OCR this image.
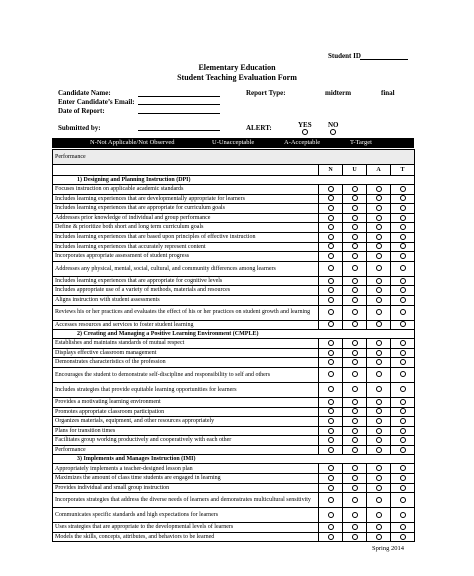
Student ID
Elementary Education
Student Teaching Evaluation Form
Candidate Name:
Enter Candidate’s Email:
Date of Report:
Report Type:	midterm	final
Submitted by:	ALERT:	YES NO
N-Not Applicable/Not Observed	U-Unacceptable	A-Acceptable	T-Target
Performance				
	N	U	A	T
1) Designing and Planning Instruction (DPI)				
Focuses instruction on applicable academic standards				
Includes learning experiences that are developmentally appropriate for learners				
Includes learning experiences that are appropriate for curriculum goals				
Addresses prior knowledge of individual and group performance				
Define & prioritize both short and long term curriculum goals				
Includes learning experiences that are based upon principles of effective instruction				
Includes learning experiences that accurately represent content				
Incorporates appropriate assessment of student progress				
Addresses any physical, mental, social, cultural, and community differences among learners				
Includes learning experiences that are appropriate for cognitive levels				
Includes appropriate use of a variety of methods, materials and resources				
Aligns instruction with student assessments				
Reviews his or her practices and evaluates the effect of his or her practices on student growth and learning				
Accesses resources and services to foster student learning				
2) Creating and Managing a Positive Learning Environment (CMPLE)				
Establishes and maintains standards of mutual respect				
Displays effective classroom management				
Demonstrates characteristics of the profession				
Encourages the student to demonstrate self-discipline and responsibility to self and others				
Includes strategies that provide equitable learning opportunities for learners				
Provides a motivating learning environment				
Promotes appropriate classroom participation				
Organizes materials, equipment, and other resources appropriately				
Plans for transition times				
Facilitates group working productively and cooperatively with each other				
Performance				
3) Implements and Manages Instruction (IMI)				
Appropriately implements a teacher-designed lesson plan				
Maximizes the amount of class time students are engaged in learning				
Provides individual and small group instruction				
Incorporates strategies that address the diverse needs of learners and demonstrates multicultural sensitivity				
Communicates specific standards and high expectations for learners				
Uses strategies that are appropriate to the developmental levels of learners				
Models the skills, concepts, attributes, and behaviors to be learned				
Spring 2014
